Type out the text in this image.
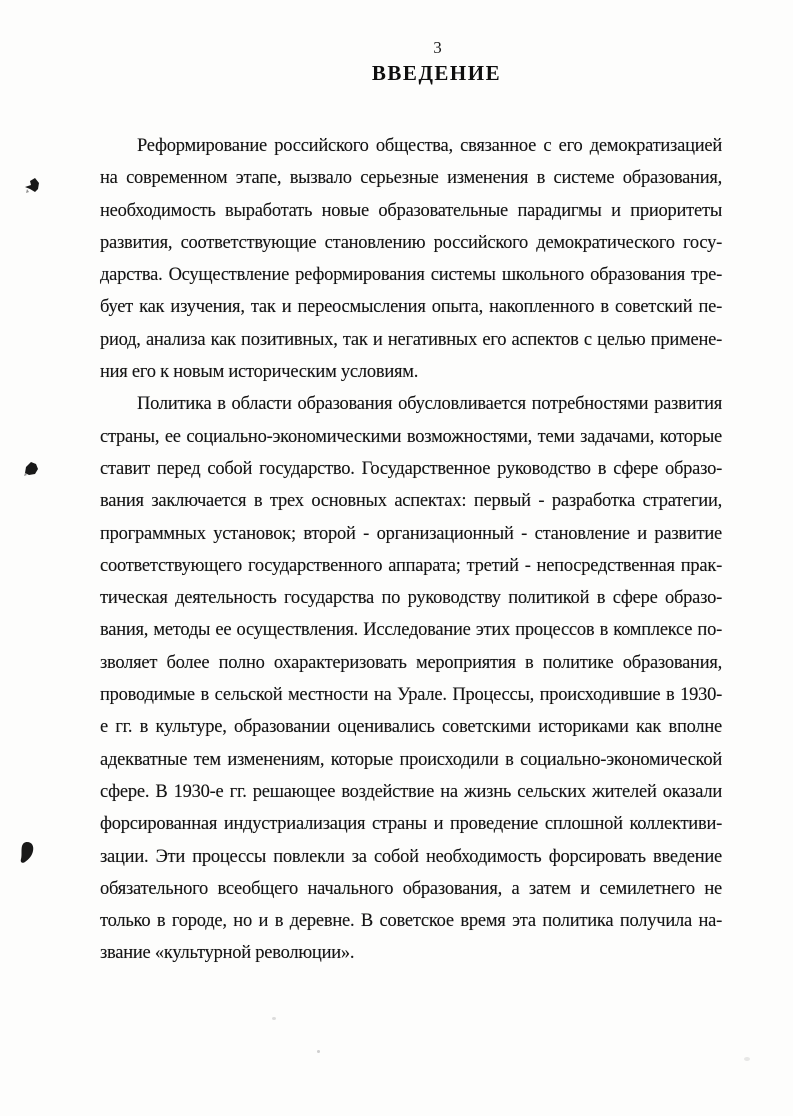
3
ВВЕДЕНИЕ
Реформирование российского общества, связанное с его демократизацией
на современном этапе, вызвало серьезные изменения в системе образования,
необходимость выработать новые образовательные парадигмы и приоритеты
развития, соответствующие становлению российского демократического госу-
дарства. Осуществление реформирования системы школьного образования тре-
бует как изучения, так и переосмысления опыта, накопленного в советский пе-
риод, анализа как позитивных, так и негативных его аспектов с целью примене-
ния его к новым историческим условиям.
Политика в области образования обусловливается потребностями развития
страны, ее социально-экономическими возможностями, теми задачами, которые
ставит перед собой государство. Государственное руководство в сфере образо-
вания заключается в трех основных аспектах: первый - разработка стратегии,
программных установок; второй - организационный - становление и развитие
соответствующего государственного аппарата; третий - непосредственная прак-
тическая деятельность государства по руководству политикой в сфере образо-
вания, методы ее осуществления. Исследование этих процессов в комплексе по-
зволяет более полно охарактеризовать мероприятия в политике образования,
проводимые в сельской местности на Урале. Процессы, происходившие в 1930-
е гг. в культуре, образовании оценивались советскими историками как вполне
адекватные тем изменениям, которые происходили в социально-экономической
сфере. В 1930-е гг. решающее воздействие на жизнь сельских жителей оказали
форсированная индустриализация страны и проведение сплошной коллективи-
зации. Эти процессы повлекли за собой необходимость форсировать введение
обязательного всеобщего начального образования, а затем и семилетнего не
только в городе, но и в деревне. В советское время эта политика получила на-
звание «культурной революции».
